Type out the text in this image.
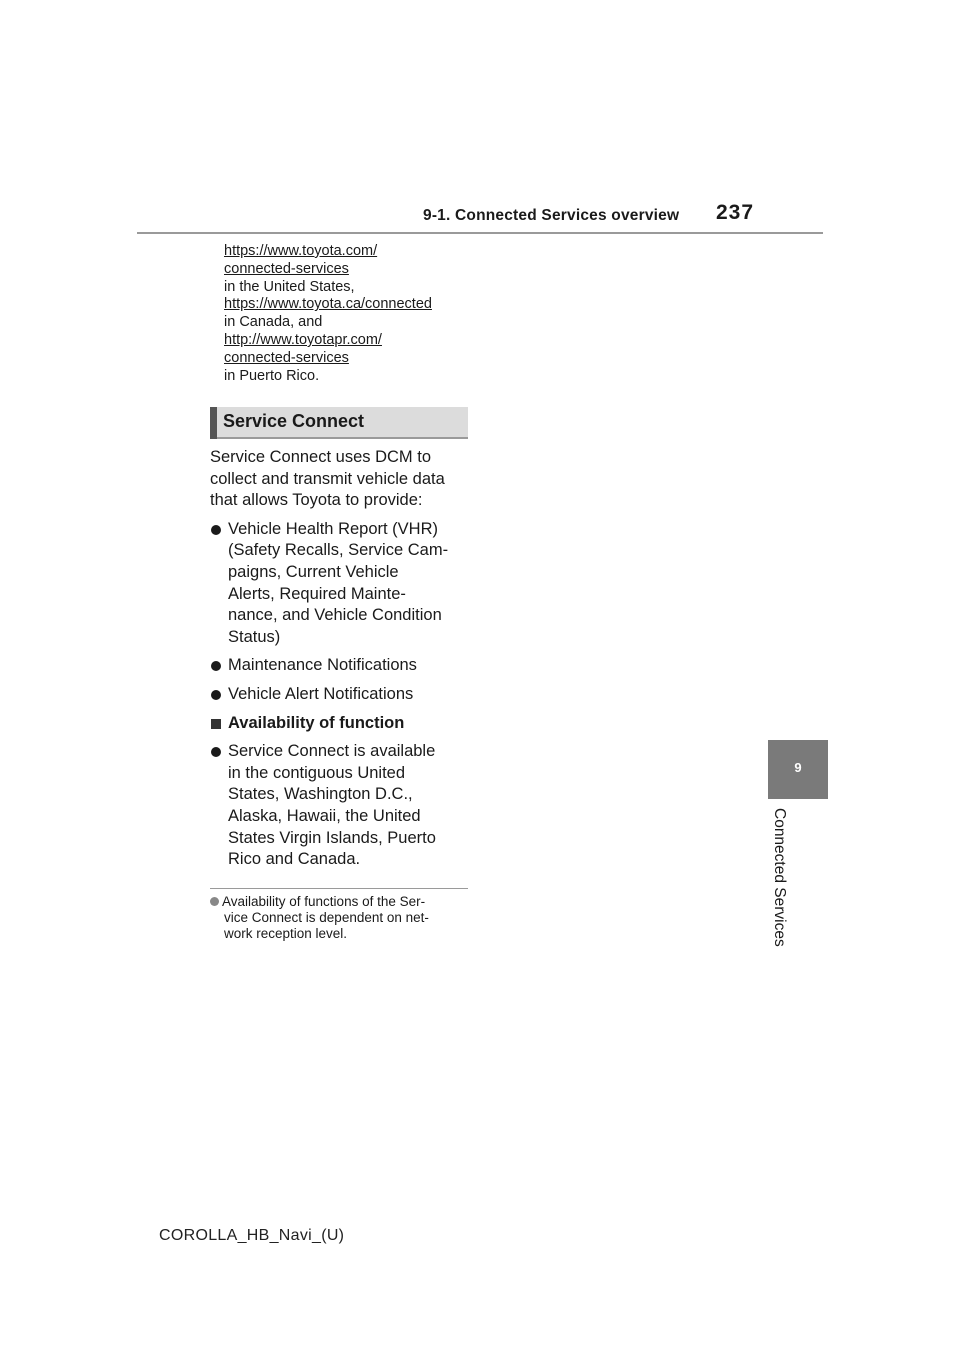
9-1. Connected Services overview 237
https://www.toyota.com/
connected-services
in the United States,
https://www.toyota.ca/connected
in Canada, and
http://www.toyotapr.com/
connected-services
in Puerto Rico.
Service Connect

Service Connect uses DCM to
collect and transmit vehicle data
that allows Toyota to provide:

Vehicle Health Report (VHR)
(Safety Recalls, Service Cam-
paigns, Current Vehicle
Alerts, Required Mainte-
nance, and Vehicle Condition
Status)

Maintenance Notifications

Vehicle Alert Notifications

Availability of function

Service Connect is available
in the contiguous United
States, Washington D.C.,
Alaska, Hawaii, the United
States Virgin Islands, Puerto
Rico and Canada.

Availability of functions of the Ser-
vice Connect is dependent on net-
work reception level.
9
Connected Services
COROLLA_HB_Navi_(U)
